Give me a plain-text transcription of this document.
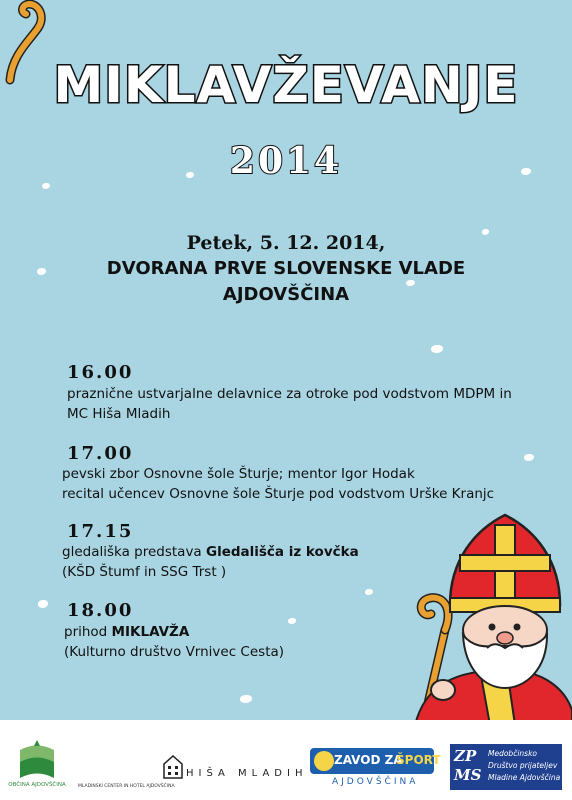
MIKLAVŽEVANJE
2014
Petek, 5. 12. 2014,
DVORANA PRVE SLOVENSKE VLADE
AJDOVŠČINA
16.00
praznične ustvarjalne delavnice za otroke pod vodstvom MDPM in
MC Hiša Mladih
17.00
pevski zbor Osnovne šole Šturje; mentor Igor Hodak
recital učencev Osnovne šole Šturje pod vodstvom Urške Kranjc
17.15
gledališka predstava Gledališča iz kovčka
(KŠD Štumf in SSG Trst )
18.00
prihod MIKLAVŽA
(Kulturno društvo Vrnivec Cesta)
OBČINA AJDOVŠČINA
HIŠA MLADIH
MLADINSKI CENTER IN HOTEL AJDOVŠČINA
ZAVOD ZA
ŠPORT
AJDOVŠČINA
ZP
MS
Medobčinsko
Društvo prijateljev
Mladine Ajdovščina
